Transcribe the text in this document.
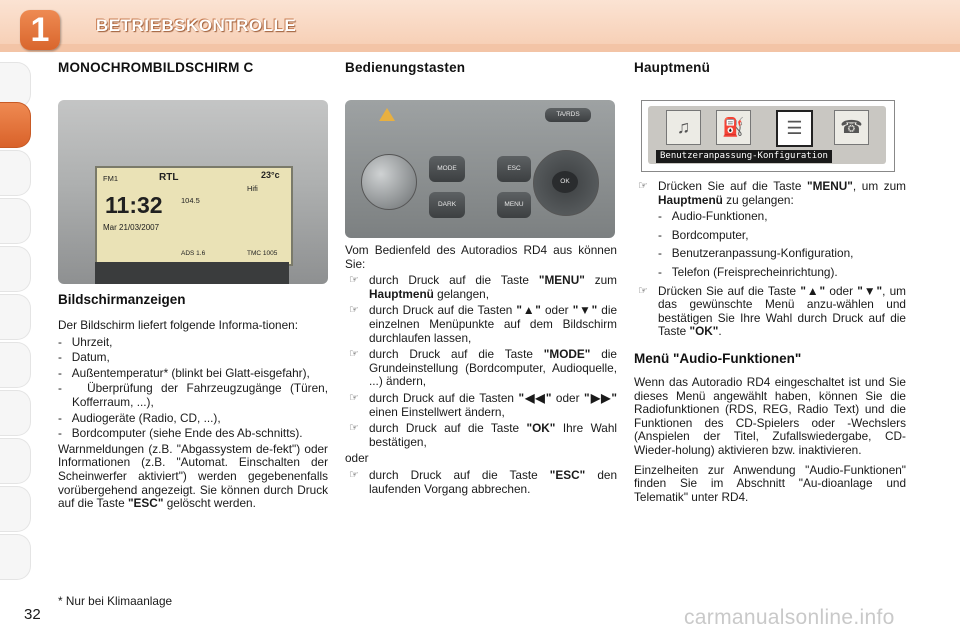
1	BETRIEBSKONTROLLE
MONOCHROMBILDSCHIRM C
FM1	RTL	23°c
11:32 104.5
Hifi
Mar 21/03/2007
ADS 1.6	TMC 1005
Bildschirmanzeigen

Der Bildschirm liefert folgende Informa-tionen:

-   Uhrzeit,
-   Datum,
-   Außentemperatur* (blinkt bei Glatt-eisgefahr),
-   Überprüfung der Fahrzeugzugänge (Türen, Kofferraum, ...),
-   Audiogeräte (Radio, CD, ...),
-   Bordcomputer (siehe Ende des Ab-schnitts).

Warnmeldungen (z.B. "Abgassystem de-fekt") oder Informationen (z.B. "Automat. Einschalten der Scheinwerfer aktiviert") werden gegebenenfalls vorübergehend angezeigt. Sie können durch Druck auf die Taste "ESC" gelöscht werden.

* Nur bei Klimaanlage
Bedienungstasten
TA/RDS
MODE
DARK
ESC
MENU
OK

Vom Bedienfeld des Autoradios RD4 aus können Sie:

☞ durch Druck auf die Taste "MENU" zum Hauptmenü gelangen,
☞ durch Druck auf die Tasten "▲" oder "▼" die einzelnen Menüpunkte auf dem Bildschirm durchlaufen lassen,
☞ durch Druck auf die Taste "MODE" die Grundeinstellung (Bordcomputer, Audioquelle, ...) ändern,
☞ durch Druck auf die Tasten "◀◀" oder "▶▶" einen Einstellwert ändern,
☞ durch Druck auf die Taste "OK" Ihre Wahl bestätigen,

oder

☞ durch Druck auf die Taste "ESC" den laufenden Vorgang abbrechen.
Hauptmenü
♫	⛽	☰	☎
Benutzeranpassung-Konfiguration
☞ Drücken Sie auf die Taste "MENU", um zum Hauptmenü zu gelangen:
-   Audio-Funktionen,
-   Bordcomputer,
-   Benutzeranpassung-Konfiguration,
-   Telefon (Freisprecheinrichtung).
☞ Drücken Sie auf die Taste "▲" oder "▼", um das gewünschte Menü anzu-wählen und bestätigen Sie Ihre Wahl durch Druck auf die Taste "OK".
Menü "Audio-Funktionen"

Wenn das Autoradio RD4 eingeschaltet ist und Sie dieses Menü angewählt haben, können Sie die Radiofunktionen (RDS, REG, Radio Text) und die Funktionen des CD-Spielers oder -Wechslers (Anspielen der Titel, Zufallswiedergabe, CD-Wieder-holung) aktivieren bzw. inaktivieren.

Einzelheiten zur Anwendung "Audio-Funktionen" finden Sie im Abschnitt "Au-dioanlage und Telematik" unter RD4.

32	carmanualsonline.info
